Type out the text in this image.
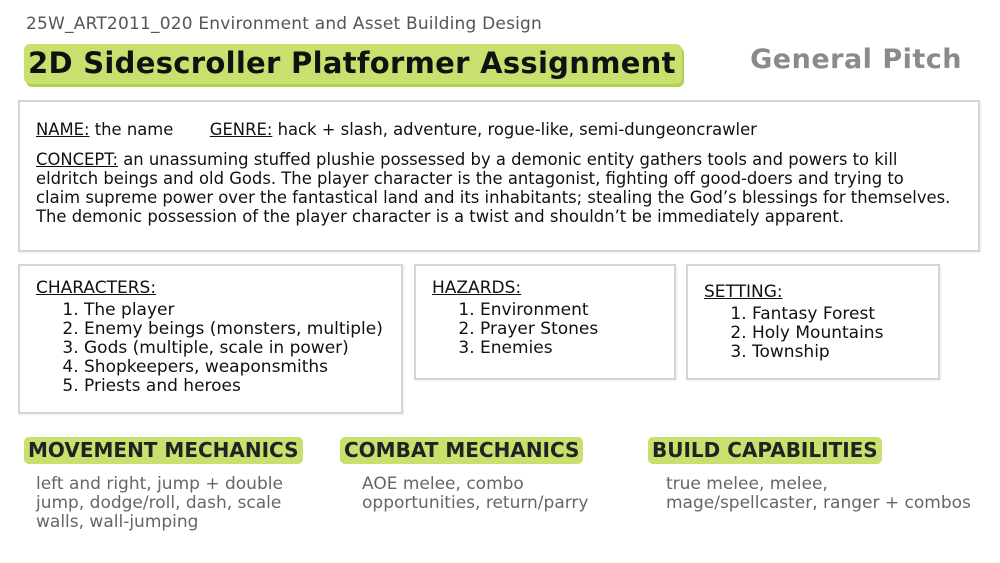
25W_ART2011_020 Environment and Asset Building Design
2D Sidescroller Platformer Assignment	General Pitch
NAME: the name GENRE: hack + slash, adventure, rogue-like, semi-dungeoncrawler
CONCEPT: an unassuming stuffed plushie possessed by a demonic entity gathers tools and powers to kill
eldritch beings and old Gods. The player character is the antagonist, fighting off good-doers and trying to
claim supreme power over the fantastical land and its inhabitants; stealing the God’s blessings for themselves.
The demonic possession of the player character is a twist and shouldn’t be immediately apparent.
CHARACTERS:
1. The player
2. Enemy beings (monsters, multiple)
3. Gods (multiple, scale in power)
4. Shopkeepers, weaponsmiths
5. Priests and heroes
HAZARDS:
1. Environment
2. Prayer Stones
3. Enemies
SETTING:
1. Fantasy Forest
2. Holy Mountains
3. Township
MOVEMENT MECHANICS
left and right, jump + double
jump, dodge/roll, dash, scale
walls, wall-jumping
COMBAT MECHANICS
AOE melee, combo
opportunities, return/parry
BUILD CAPABILITIES
true melee, melee,
mage/spellcaster, ranger + combos
